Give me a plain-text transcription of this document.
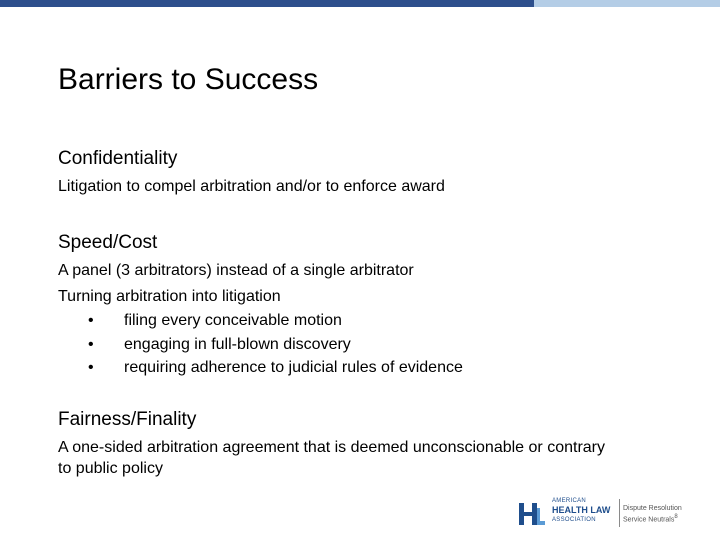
Barriers to Success
Confidentiality
Litigation to compel arbitration and/or to enforce award
Speed/Cost
A panel (3 arbitrators) instead of a single arbitrator
Turning arbitration into litigation
• filing every conceivable motion
• engaging in full-blown discovery
• requiring adherence to judicial rules of evidence
Fairness/Finality
A one-sided arbitration agreement that is deemed unconscionable or contrary to public policy
AMERICAN
HEALTH LAW
ASSOCIATION
Dispute Resolution
Service Neutrals$^8$
